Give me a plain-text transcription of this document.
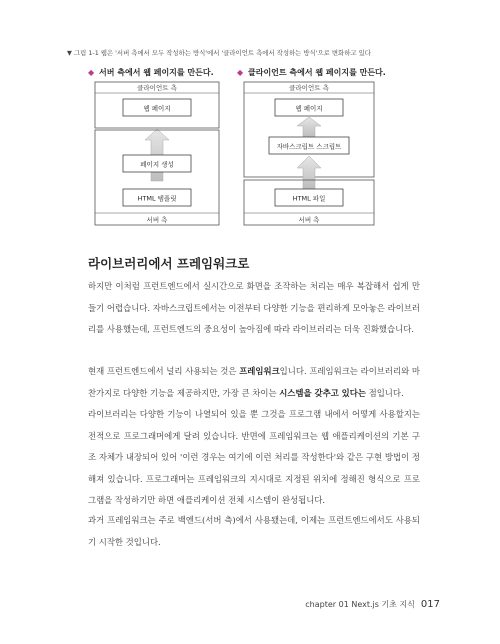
▼ 그림 1-1 웹은 '서버 측에서 모두 작성하는 방식'에서 '클라이언트 측에서 작성하는 방식'으로 변화하고 있다
◆ 서버 측에서 웹 페이지를 만든다.
클라이언트 측
웹 페이지
페이지 생성
HTML 템플릿
서버 측
◆ 클라이언트 측에서 웹 페이지를 만든다.
클라이언트 측
웹 페이지
자바스크립트 스크립트
HTML 파일
서버 측
라이브러리에서 프레임워크로

하지만 이처럼 프런트엔드에서 실시간으로 화면을 조작하는 처리는 매우 복잡해서 쉽게 만들기 어렵습니다. 자바스크립트에서는 이전부터 다양한 기능을 편리하게 모아놓은 라이브러리를 사용했는데, 프런트엔드의 중요성이 높아짐에 따라 라이브러리는 더욱 진화했습니다.

현재 프런트엔드에서 널리 사용되는 것은 프레임워크입니다. 프레임워크는 라이브러리와 마찬가지로 다양한 기능을 제공하지만, 가장 큰 차이는 시스템을 갖추고 있다는 점입니다.

라이브러리는 다양한 기능이 나열되어 있을 뿐 그것을 프로그램 내에서 어떻게 사용할지는 전적으로 프로그래머에게 달려 있습니다. 반면에 프레임워크는 웹 애플리케이션의 기본 구조 자체가 내장되어 있어 '이런 경우는 여기에 이런 처리를 작성한다'와 같은 구현 방법이 정해져 있습니다. 프로그래머는 프레임워크의 지시대로 지정된 위치에 정해진 형식으로 프로그램을 작성하기만 하면 애플리케이션 전체 시스템이 완성됩니다.

과거 프레임워크는 주로 백엔드(서버 측)에서 사용됐는데, 이제는 프런트엔드에서도 사용되기 시작한 것입니다.

chapter 01 Next.js 기초 지식 017
